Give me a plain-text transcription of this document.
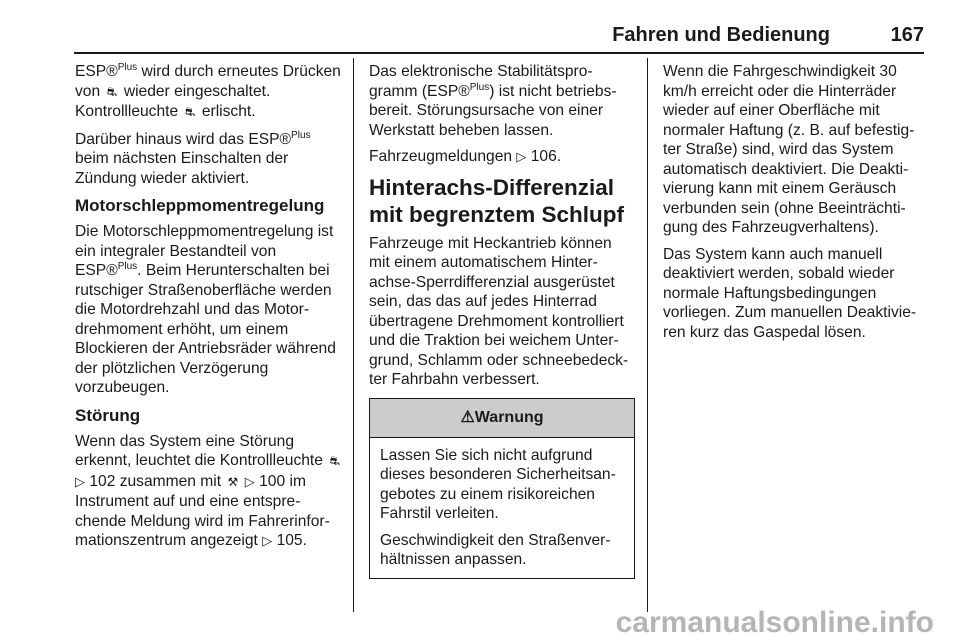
Fahren und Bedienung	167

ESP®$^{Plus}$ wird durch erneutes Drücken von ⛐ wieder eingeschaltet. Kontrollleuchte ⛐ erlischt.

Darüber hinaus wird das ESP®$^{Plus}$ beim nächsten Einschalten der Zündung wieder aktiviert.

Motorschleppmomentregelung

Die Motorschleppmomentregelung ist ein integraler Bestandteil von ESP®$^{Plus}$. Beim Herunterschalten bei rutschiger Straßenoberfläche werden die Motordrehzahl und das Motordrehmoment erhöht, um einem Blockieren der Antriebsräder während der plötzlichen Verzögerung vorzubeugen.

Störung

Wenn das System eine Störung erkennt, leuchtet die Kontrollleuchte ⛐ ▷ 102 zusammen mit ⚒ ▷ 100 im Instrument auf und eine entsprechende Meldung wird im Fahrerinformationszentrum angezeigt ▷ 105.

Das elektronische Stabilitätsprogramm (ESP®$^{Plus}$) ist nicht betriebsbereit. Störungsursache von einer Werkstatt beheben lassen.

Fahrzeugmeldungen ▷ 106.

Hinterachs-Differenzial mit begrenztem Schlupf

Fahrzeuge mit Heckantrieb können mit einem automatischem Hinterachse-Sperrdifferenzial ausgerüstet sein, das das auf jedes Hinterrad übertragene Drehmoment kontrolliert und die Traktion bei weichem Untergrund, Schlamm oder schneebedeckter Fahrbahn verbessert.

⚠Warnung

Lassen Sie sich nicht aufgrund dieses besonderen Sicherheitsangebotes zu einem risikoreichen Fahrstil verleiten.

Geschwindigkeit den Straßenverhältnissen anpassen.

Wenn die Fahrgeschwindigkeit 30 km/h erreicht oder die Hinterräder wieder auf einer Oberfläche mit normaler Haftung (z. B. auf befestigter Straße) sind, wird das System automatisch deaktiviert. Die Deaktivierung kann mit einem Geräusch verbunden sein (ohne Beeinträchtigung des Fahrzeugverhaltens).

Das System kann auch manuell deaktiviert werden, sobald wieder normale Haftungsbedingungen vorliegen. Zum manuellen Deaktivieren kurz das Gaspedal lösen.

carmanualsonline.info
